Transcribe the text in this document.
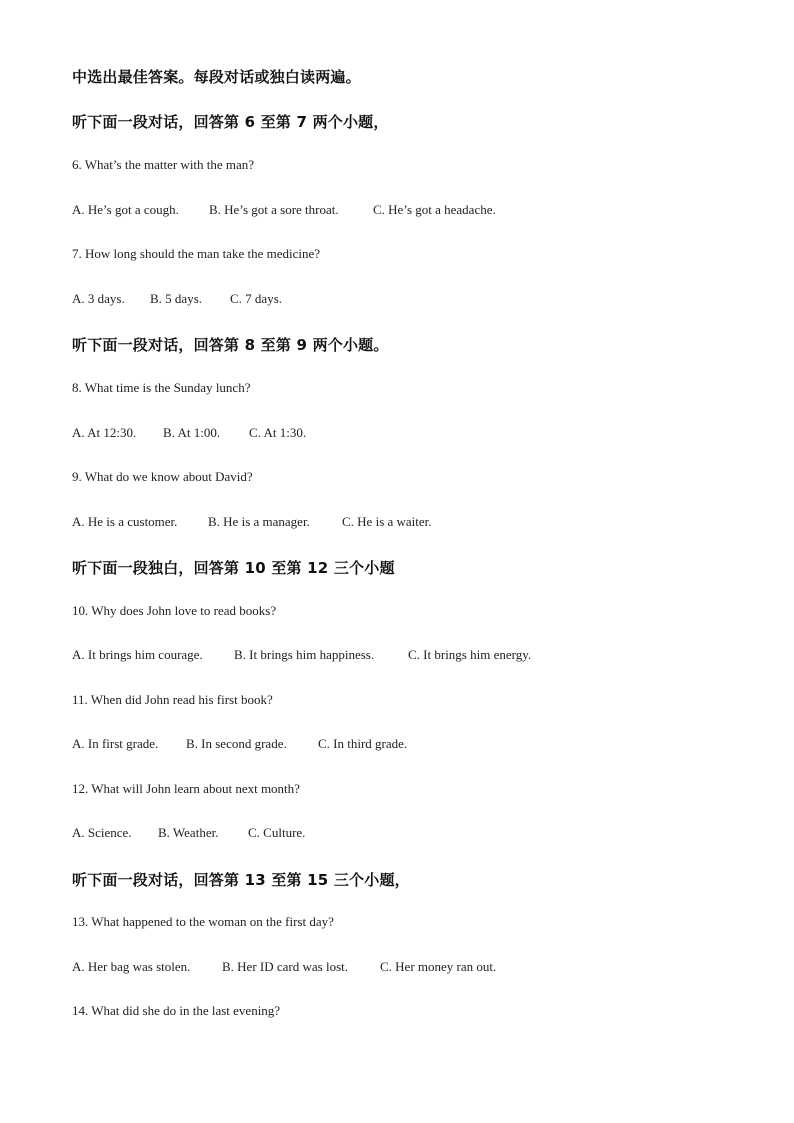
中选出最佳答案。每段对话或独白读两遍。
听下面一段对话，回答第 6 至第 7 两个小题，
6. What’s the matter with the man?
A. He’s got a cough.	B. He’s got a sore throat.	C. He’s got a headache.
7. How long should the man take the medicine?
A. 3 days.	B. 5 days.	C. 7 days.
听下面一段对话，回答第 8 至第 9 两个小题。
8. What time is the Sunday lunch?
A. At 12:30.	B. At 1:00.	C. At 1:30.
9. What do we know about David?
A. He is a customer.	B. He is a manager.	C. He is a waiter.
听下面一段独白，回答第 10 至第 12 三个小题
10. Why does John love to read books?
A. It brings him courage.	B. It brings him happiness.	C. It brings him energy.
11. When did John read his first book?
A. In first grade.	B. In second grade.	C. In third grade.
12. What will John learn about next month?
A. Science.	B. Weather.	C. Culture.
听下面一段对话，回答第 13 至第 15 三个小题，
13. What happened to the woman on the first day?
A. Her bag was stolen.	B. Her ID card was lost.	C. Her money ran out.
14. What did she do in the last evening?
